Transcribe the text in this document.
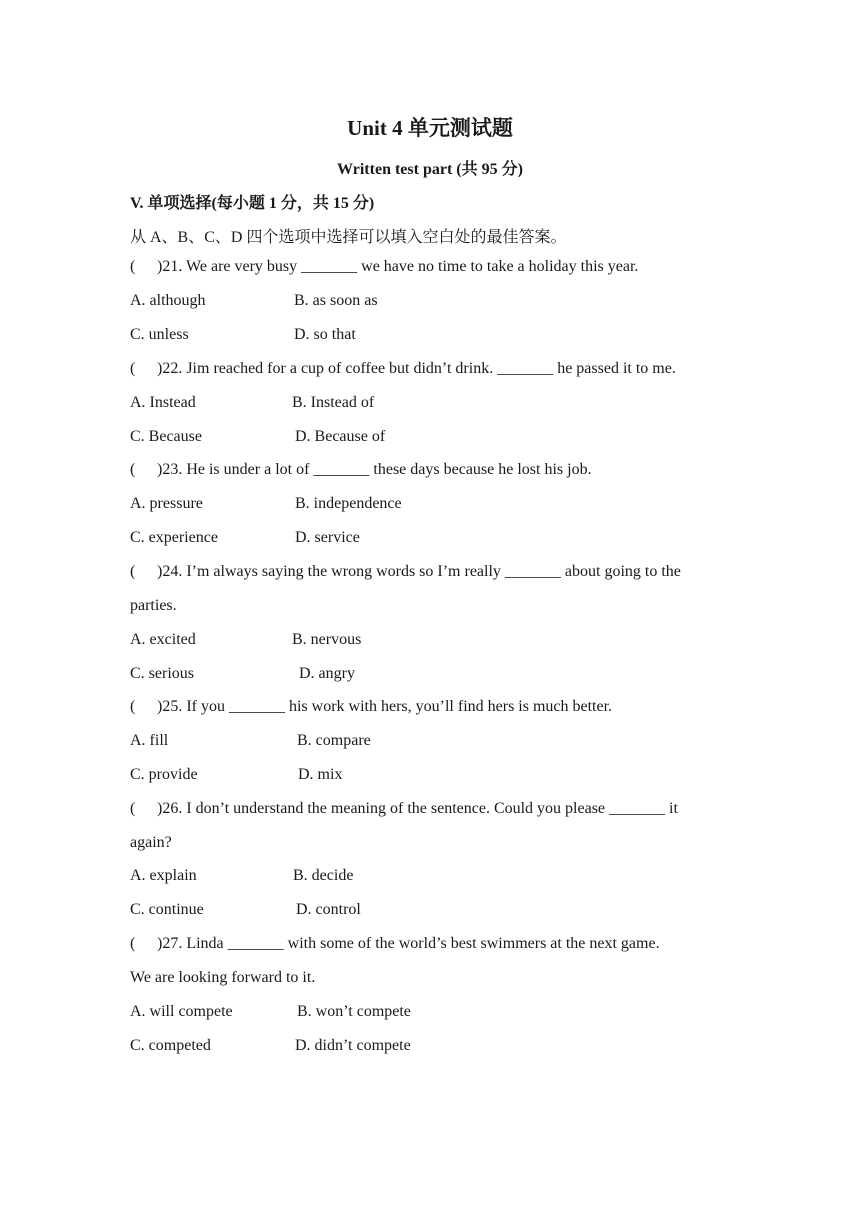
Unit 4 单元测试题
Written test part (共 95 分)
V. 单项选择(每小题 1 分，共 15 分)
从 A、B、C、D 四个选项中选择可以填入空白处的最佳答案。
( )21. We are very busy _______ we have no time to take a holiday this year.
A. although	B. as soon as
C. unless	D. so that
( )22. Jim reached for a cup of coffee but didn’t drink. _______ he passed it to me.
A. Instead	B. Instead of
C. Because	D. Because of
( )23. He is under a lot of _______ these days because he lost his job.
A. pressure	B. independence
C. experience	D. service
( )24. I’m always saying the wrong words so I’m really _______ about going to the
parties.
A. excited	B. nervous
C. serious	D. angry
( )25. If you _______ his work with hers, you’ll find hers is much better.
A. fill	B. compare
C. provide	D. mix
( )26. I don’t understand the meaning of the sentence. Could you please _______ it
again?
A. explain	B. decide
C. continue	D. control
( )27. Linda _______ with some of the world’s best swimmers at the next game.
We are looking forward to it.
A. will compete	B. won’t compete
C. competed	D. didn’t compete
